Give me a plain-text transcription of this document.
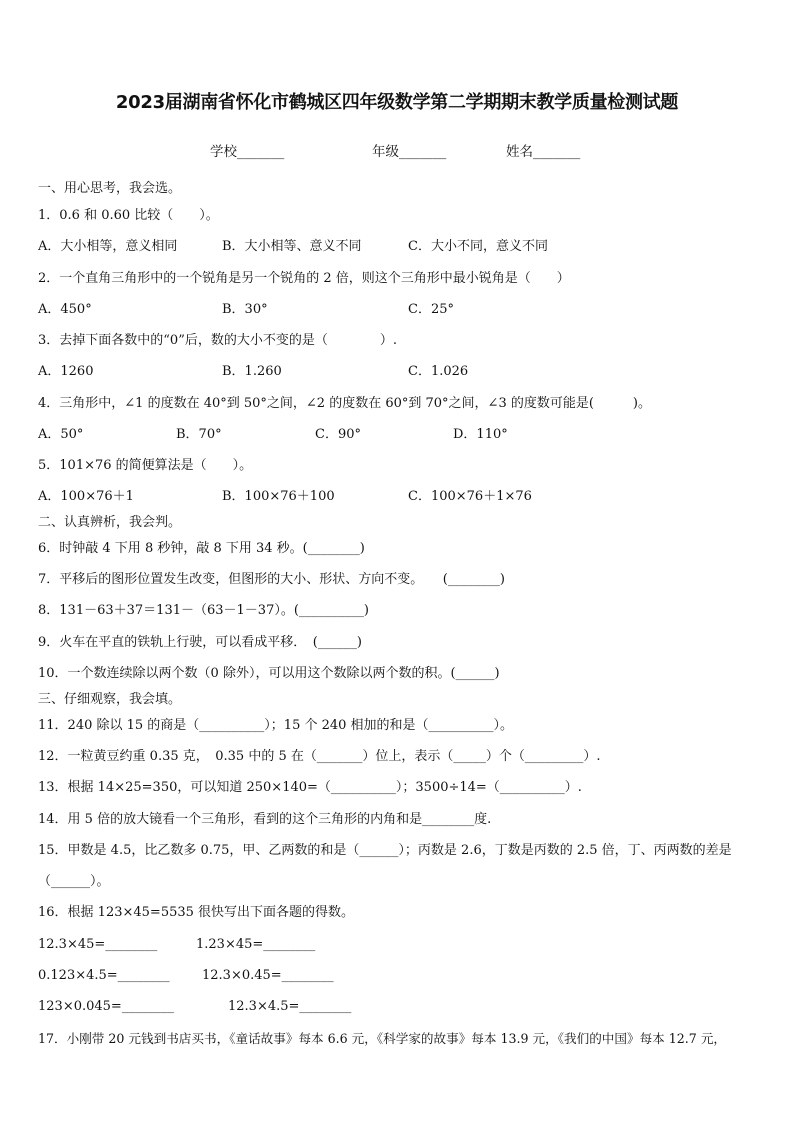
2023届湖南省怀化市鹤城区四年级数学第二学期期末教学质量检测试题
学校_______	年级_______	姓名_______
一、用心思考，我会选。
1．0.6 和 0.60 比较（　　）。
A．大小相等，意义相同	B．大小相等、意义不同	C．大小不同，意义不同
2．一个直角三角形中的一个锐角是另一个锐角的 2 倍，则这个三角形中最小锐角是（　　）
A．450°	B．30°	C．25°
3．去掉下面各数中的“0”后，数的大小不变的是（　　　　）.
A．1260	B．1.260	C．1.026
4．三角形中，∠1 的度数在 40°到 50°之间，∠2 的度数在 60°到 70°之间，∠3 的度数可能是(　　　)。
A．50°	B．70°	C．90°	D．110°
5．101×76 的简便算法是（　　）。
A．100×76＋1	B．100×76＋100	C．100×76＋1×76
二、认真辨析，我会判。
6．时钟敲 4 下用 8 秒钟，敲 8 下用 34 秒。(________)
7．平移后的图形位置发生改变，但图形的大小、形状、方向不变。　　(________)
8．131－63＋37＝131－（63－1－37）。(__________)
9．火车在平直的铁轨上行驶，可以看成平移．　(______)
10．一个数连续除以两个数（0 除外），可以用这个数除以两个数的积。(______)
三、仔细观察，我会填。
11．240 除以 15 的商是（__________）；15 个 240 相加的和是（__________）。
12．一粒黄豆约重 0.35 克，　0.35 中的 5 在（_______）位上，表示（_____）个（_________）.
13．根据 14×25=350，可以知道 250×140=（__________）；3500÷14=（__________）.
14．用 5 倍的放大镜看一个三角形，看到的这个三角形的内角和是________度.
15．甲数是 4.5，比乙数多 0.75，甲、乙两数的和是（______）；丙数是 2.6，丁数是丙数的 2.5 倍，丁、丙两数的差是
（______）。
16．根据 123×45=5535 很快写出下面各题的得数。
12.3×45=________	1.23×45=________
0.123×4.5=________ 12.3×0.45=________
123×0.045=________	12.3×4.5=________
17．小刚带 20 元钱到书店买书，《童话故事》每本 6.6 元，《科学家的故事》每本 13.9 元，《我们的中国》每本 12.7 元，
